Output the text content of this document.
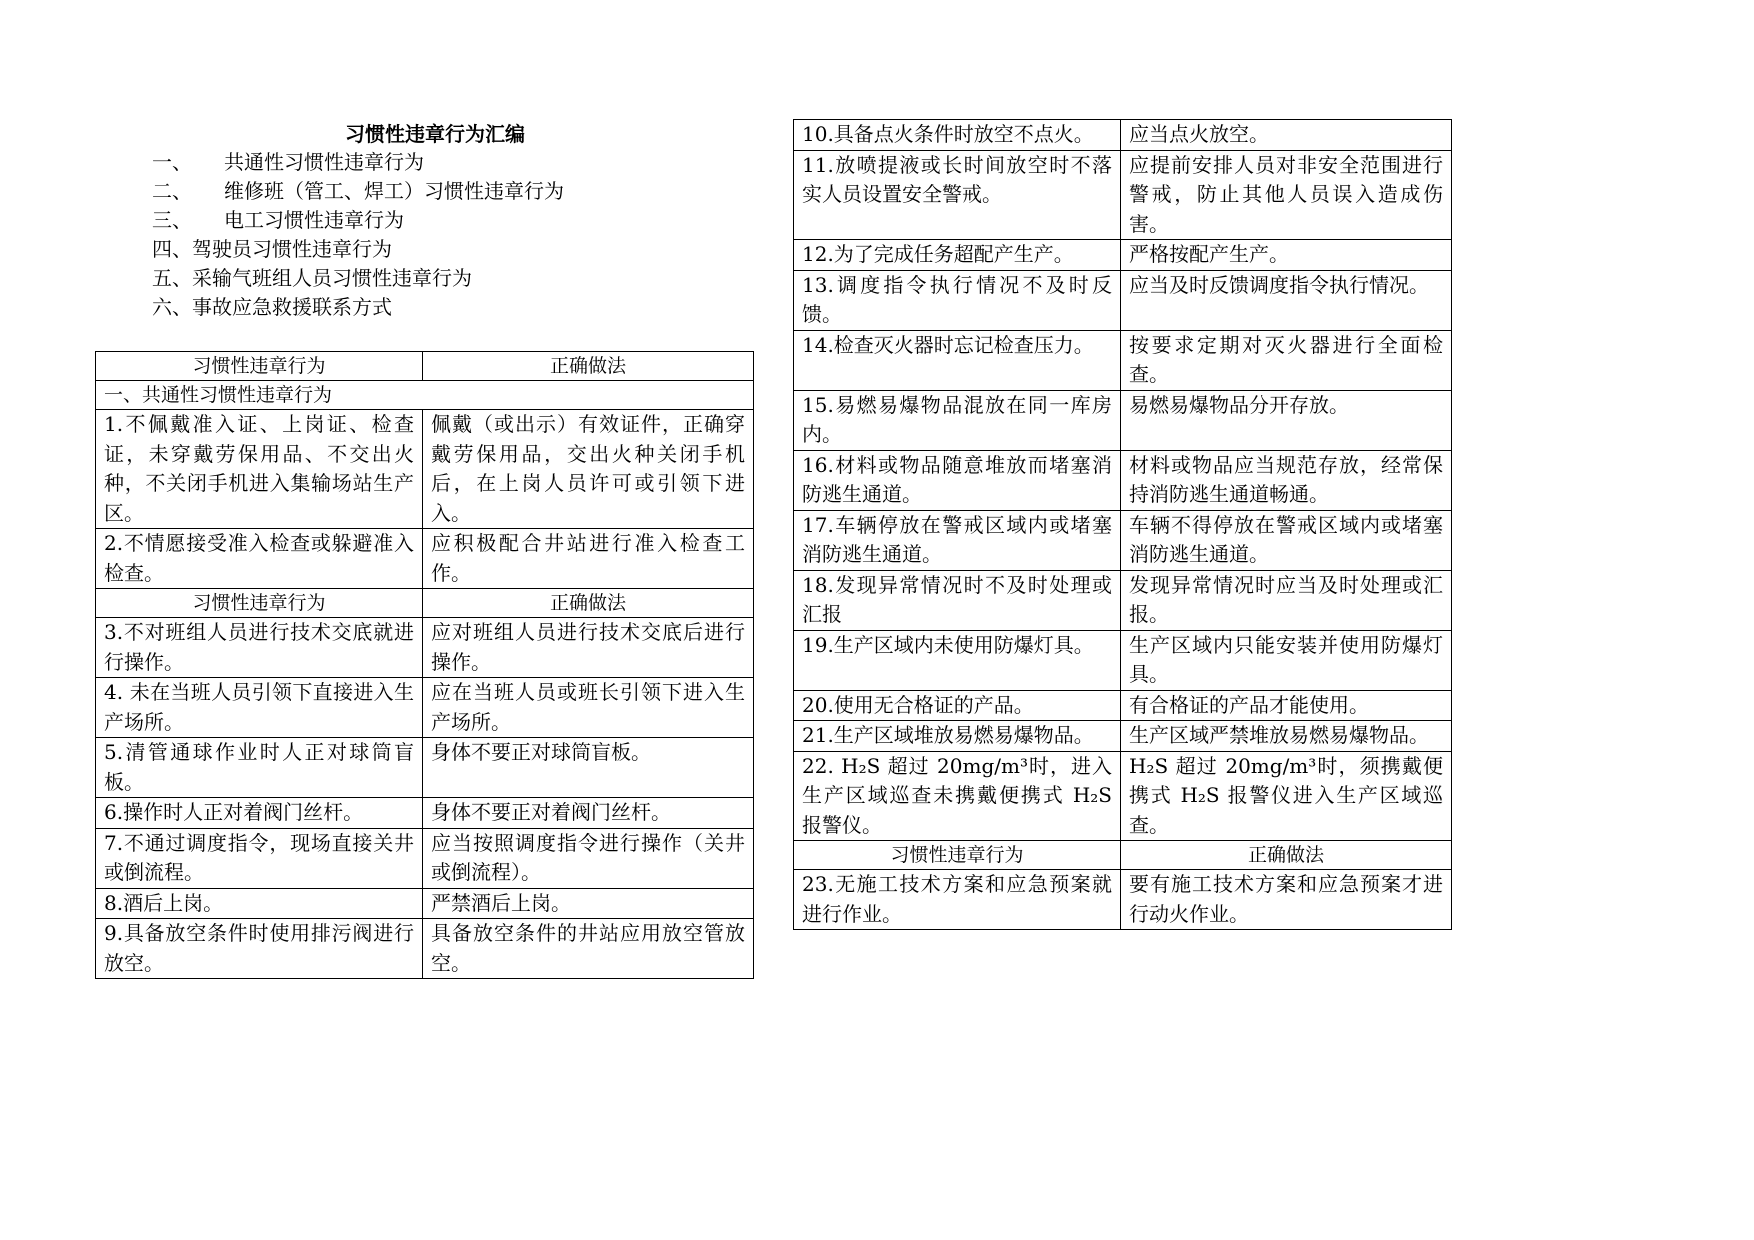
习惯性违章行为汇编
一、 共通性习惯性违章行为
二、 维修班（管工、焊工）习惯性违章行为
三、 电工习惯性违章行为
四、驾驶员习惯性违章行为
五、采输气班组人员习惯性违章行为
六、事故应急救援联系方式
习惯性违章行为	正确做法
一、共通性习惯性违章行为	
1.不佩戴准入证、上岗证、检查证，未穿戴劳保用品、不交出火种，不关闭手机进入集输场站生产区。	佩戴（或出示）有效证件，正确穿戴劳保用品，交出火种关闭手机后，在上岗人员许可或引领下进入。
2.不情愿接受准入检查或躲避准入检查。	应积极配合井站进行准入检查工作。
习惯性违章行为	正确做法
3.不对班组人员进行技术交底就进行操作。	应对班组人员进行技术交底后进行操作。
4. 未在当班人员引领下直接进入生产场所。	应在当班人员或班长引领下进入生产场所。
5.清管通球作业时人正对球筒盲板。	身体不要正对球筒盲板。
6.操作时人正对着阀门丝杆。	身体不要正对着阀门丝杆。
7.不通过调度指令，现场直接关井或倒流程。	应当按照调度指令进行操作（关井或倒流程）。
8.酒后上岗。	严禁酒后上岗。
9.具备放空条件时使用排污阀进行放空。	具备放空条件的井站应用放空管放空。
10.具备点火条件时放空不点火。	应当点火放空。
11.放喷提液或长时间放空时不落实人员设置安全警戒。	应提前安排人员对非安全范围进行警戒，防止其他人员误入造成伤害。
12.为了完成任务超配产生产。	严格按配产生产。
13.调度指令执行情况不及时反馈。	应当及时反馈调度指令执行情况。
14.检查灭火器时忘记检查压力。	按要求定期对灭火器进行全面检查。
15.易燃易爆物品混放在同一库房内。	易燃易爆物品分开存放。
16.材料或物品随意堆放而堵塞消防逃生通道。	材料或物品应当规范存放，经常保持消防逃生通道畅通。
17.车辆停放在警戒区域内或堵塞消防逃生通道。	车辆不得停放在警戒区域内或堵塞消防逃生通道。
18.发现异常情况时不及时处理或汇报	发现异常情况时应当及时处理或汇报。
19.生产区域内未使用防爆灯具。	生产区域内只能安装并使用防爆灯具。
20.使用无合格证的产品。	有合格证的产品才能使用。
21.生产区域堆放易燃易爆物品。	生产区域严禁堆放易燃易爆物品。
22. H₂S 超过 20mg/m³时，进入生产区域巡查未携戴便携式 H₂S 报警仪。	H₂S 超过 20mg/m³时，须携戴便携式 H₂S 报警仪进入生产区域巡查。
习惯性违章行为	正确做法
23.无施工技术方案和应急预案就进行作业。	要有施工技术方案和应急预案才进行动火作业。
